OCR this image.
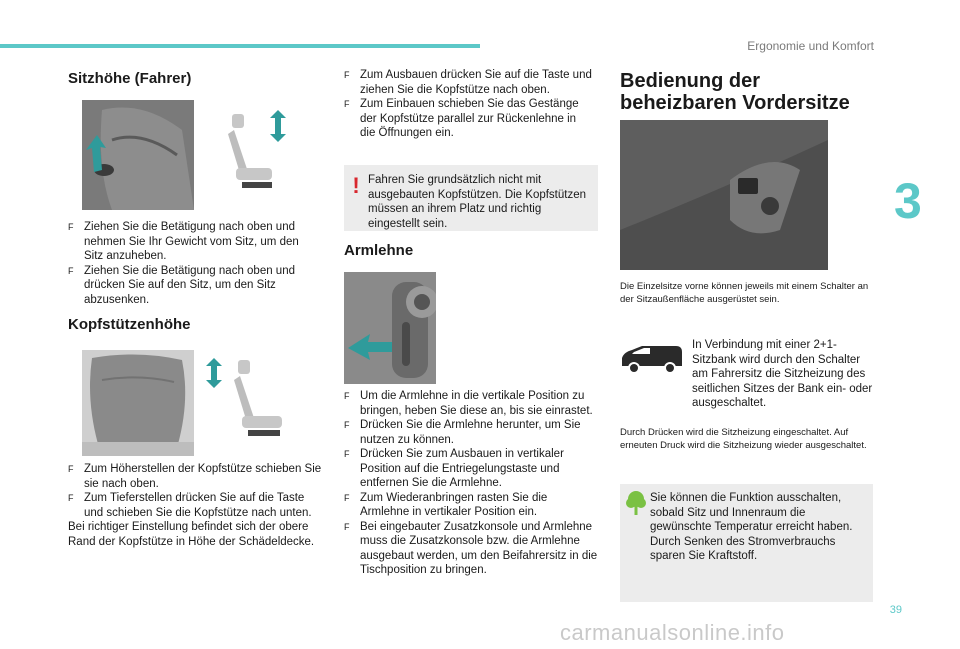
Ergonomie und Komfort
3
Sitzhöhe (Fahrer)
F Ziehen Sie die Betätigung nach oben und nehmen Sie Ihr Gewicht vom Sitz, um den Sitz anzuheben.
F Ziehen Sie die Betätigung nach oben und drücken Sie auf den Sitz, um den Sitz abzusenken.
Kopfstützenhöhe
F Zum Höherstellen der Kopfstütze schieben Sie sie nach oben.
F Zum Tieferstellen drücken Sie auf die Taste und schieben Sie die Kopfstütze nach unten.
Bei richtiger Einstellung befindet sich der obere Rand der Kopfstütze in Höhe der Schädeldecke.
F Zum Ausbauen drücken Sie auf die Taste und ziehen Sie die Kopfstütze nach oben.
F Zum Einbauen schieben Sie das Gestänge der Kopfstütze parallel zur Rückenlehne in die Öffnungen ein.
! Fahren Sie grundsätzlich nicht mit ausgebauten Kopfstützen. Die Kopfstützen müssen an ihrem Platz und richtig eingestellt sein.
Armlehne
F Um die Armlehne in die vertikale Position zu bringen, heben Sie diese an, bis sie einrastet.
F Drücken Sie die Armlehne herunter, um Sie nutzen zu können.
F Drücken Sie zum Ausbauen in vertikaler Position auf die Entriegelungstaste und entfernen Sie die Armlehne.
F Zum Wiederanbringen rasten Sie die Armlehne in vertikaler Position ein.
F Bei eingebauter Zusatzkonsole und Armlehne muss die Zusatzkonsole bzw. die Armlehne ausgebaut werden, um den Beifahrersitz in die Tischposition zu bringen.
Bedienung der beheizbaren Vordersitze
Die Einzelsitze vorne können jeweils mit einem Schalter an der Sitzaußenfläche ausgerüstet sein.
In Verbindung mit einer 2+1-Sitzbank wird durch den Schalter am Fahrersitz die Sitzheizung des seitlichen Sitzes der Bank ein- oder ausgeschaltet.
Durch Drücken wird die Sitzheizung eingeschaltet. Auf erneuten Druck wird die Sitzheizung wieder ausgeschaltet.
Sie können die Funktion ausschalten, sobald Sitz und Innenraum die gewünschte Temperatur erreicht haben. Durch Senken des Stromverbrauchs sparen Sie Kraftstoff.
39
carmanualsonline.info
